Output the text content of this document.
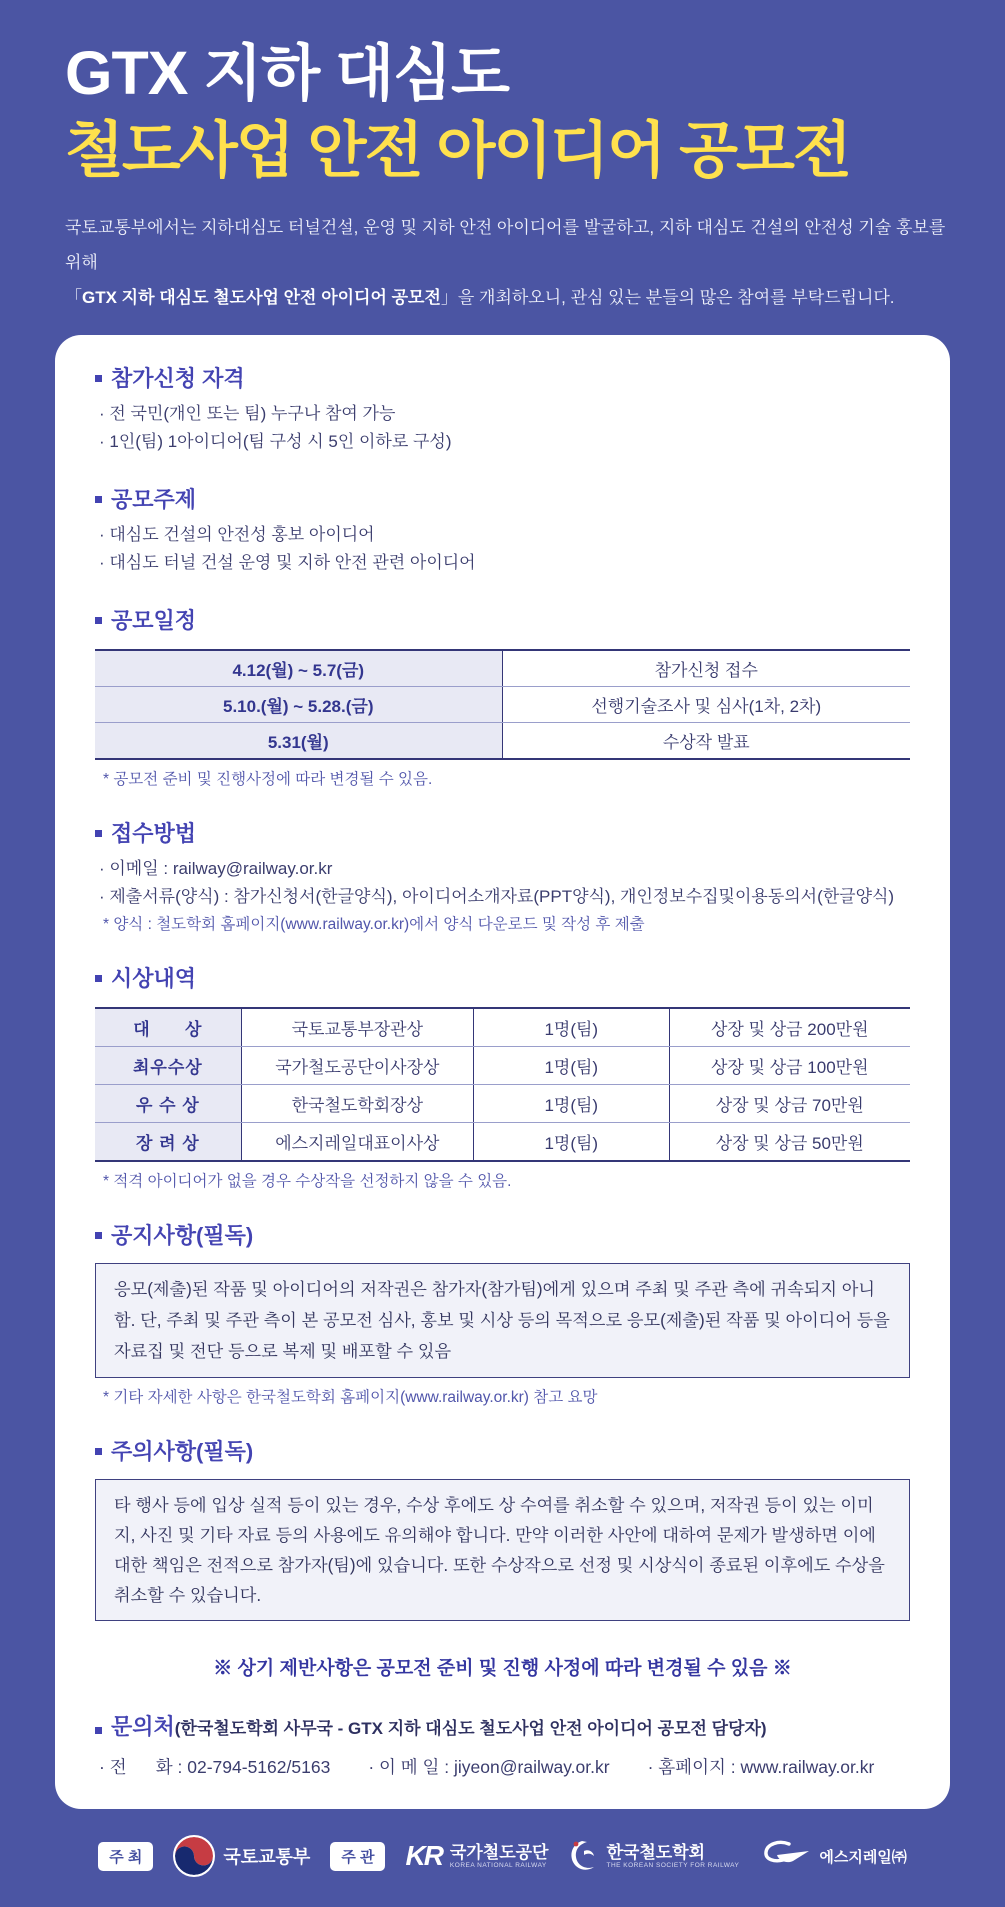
GTX 지하 대심도
철도사업 안전 아이디어 공모전
국토교통부에서는 지하대심도 터널건설, 운영 및 지하 안전 아이디어를 발굴하고, 지하 대심도 건설의 안전성 기술 홍보를 위해
「GTX 지하 대심도 철도사업 안전 아이디어 공모전」을 개최하오니, 관심 있는 분들의 많은 참여를 부탁드립니다.
참가신청 자격
· 전 국민(개인 또는 팀) 누구나 참여 가능
· 1인(팀) 1아이디어(팀 구성 시 5인 이하로 구성)
공모주제
· 대심도 건설의 안전성 홍보 아이디어
· 대심도 터널 건설 운영 및 지하 안전 관련 아이디어
공모일정
4.12(월) ~ 5.7(금)	참가신청 접수
5.10.(월) ~ 5.28.(금)	선행기술조사 및 심사(1차, 2차)
5.31(월)	수상작 발표
* 공모전 준비 및 진행사정에 따라 변경될 수 있음.
접수방법
· 이메일 : railway@railway.or.kr
· 제출서류(양식) : 참가신청서(한글양식), 아이디어소개자료(PPT양식), 개인정보수집및이용동의서(한글양식)
* 양식 : 철도학회 홈페이지(www.railway.or.kr)에서 양식 다운로드 및 작성 후 제출
시상내역
대      상	국토교통부장관상	1명(팀)	상장 및 상금 200만원
최우수상	국가철도공단이사장상	1명(팀)	상장 및 상금 100만원
우 수 상	한국철도학회장상	1명(팀)	상장 및 상금 70만원
장 려 상	에스지레일대표이사상	1명(팀)	상장 및 상금 50만원
* 적격 아이디어가 없을 경우 수상작을 선정하지 않을 수 있음.
공지사항(필독)
응모(제출)된 작품 및 아이디어의 저작권은 참가자(참가팀)에게 있으며 주최 및 주관 측에 귀속되지 아니함. 단, 주최 및 주관 측이 본 공모전 심사, 홍보 및 시상 등의 목적으로 응모(제출)된 작품 및 아이디어 등을 자료집 및 전단 등으로 복제 및 배포할 수 있음
* 기타 자세한 사항은 한국철도학회 홈페이지(www.railway.or.kr) 참고 요망
주의사항(필독)
타 행사 등에 입상 실적 등이 있는 경우, 수상 후에도 상 수여를 취소할 수 있으며, 저작권 등이 있는 이미지, 사진 및 기타 자료 등의 사용에도 유의해야 합니다. 만약 이러한 사안에 대하여 문제가 발생하면 이에 대한 책임은 전적으로 참가자(팀)에 있습니다. 또한 수상작으로 선정 및 시상식이 종료된 이후에도 수상을 취소할 수 있습니다.
※ 상기 제반사항은 공모전 준비 및 진행 사정에 따라 변경될 수 있음 ※
문의처 (한국철도학회 사무국 - GTX 지하 대심도 철도사업 안전 아이디어 공모전 담당자)
· 전      화 : 02-794-5162/5163 · 이 메 일 : jiyeon@railway.or.kr · 홈페이지 : www.railway.or.kr
주 최	국토교통부	주 관	KR 국가철도공단
KOREA NATIONAL RAILWAY
한국철도학회
THE KOREAN SOCIETY FOR RAILWAY
에스지레일㈜
